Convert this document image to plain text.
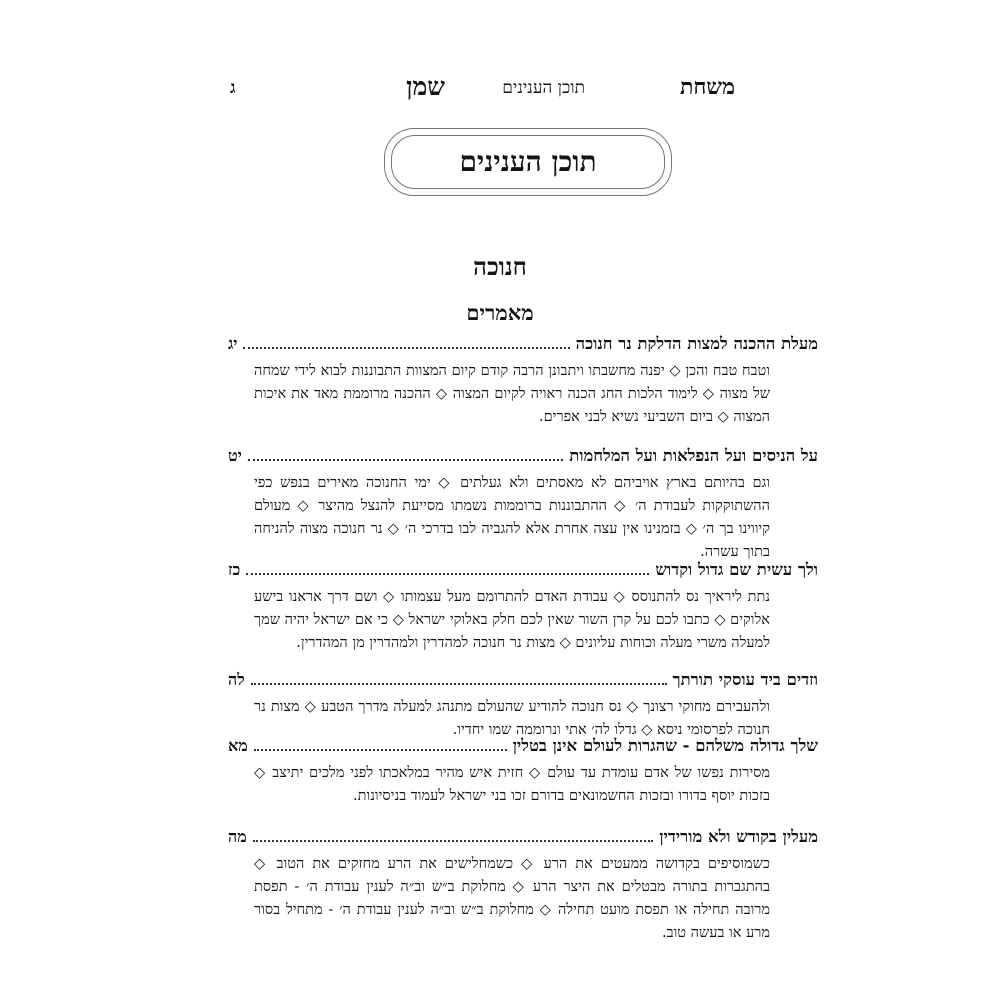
משחת
תוכן הענינים
שמן
ג
תוכן הענינים
חנוכה
מאמרים
מעלת ההכנה למצות הדלקת נר חנוכה
יג
וטבח טבח והכן ◇ יפנה מחשבתו ויתבונן הרבה קודם קיום המצוות התבוננות לבוא לידי שמחה של מצוה ◇ לימוד הלכות החג הכנה ראויה לקיום המצוה ◇ ההכנה מרוממת מאד את איכות המצוה ◇ ביום השביעי נשיא לבני אפרים.
על הניסים ועל הנפלאות ועל המלחמות
יט
וגם בהיותם בארץ אויביהם לא מאסתים ולא געלתים ◇ ימי החנוכה מאירים בנפש כפי ההשתוקקות לעבודת ה׳ ◇ ההתבוננות ברוממות נשמתו מסייעת להנצל מהיצר ◇ מעולם קיווינו בך ה׳ ◇ בזמנינו אין עצה אחרת אלא להגביה לבו בדרכי ה׳ ◇ נר חנוכה מצוה להניחה בתוך עשרה.
ולך עשית שם גדול וקדוש
כז
נתת ליראיך נס להתנוסס ◇ עבודת האדם להתרומם מעל עצמותו ◇ ושם דרך אראנו בישע אלוקים ◇ כתבו לכם על קרן השור שאין לכם חלק באלוקי ישראל ◇ כי אם ישראל יהיה שמך למעלה משרי מעלה וכוחות עליונים ◇ מצות נר חנוכה למהדרין ולמהדרין מן המהדרין.
וזדים ביד עוסקי תורתך
לה
ולהעבירם מחוקי רצונך ◇ נס חנוכה להודיע שהעולם מתנהג למעלה מדרך הטבע ◇ מצות נר חנוכה לפרסומי ניסא ◇ גדלו לה׳ אתי ונרוממה שמו יחדיו.
שלך גדולה משלהם - שהגרות לעולם אינן בטלין
מא
מסירות נפשו של אדם עומדת עד עולם ◇ חזית איש מהיר במלאכתו לפני מלכים יתיצב ◇ בזכות יוסף בדורו ובזכות החשמונאים בדורם זכו בני ישראל לעמוד בניסיונות.
מעלין בקודש ולא מורידין
מה
כשמוסיפים בקדושה ממעטים את הרע ◇ כשמחלישים את הרע מחזקים את הטוב ◇ בהתגברות בתורה מבטלים את היצר הרע ◇ מחלוקת ב״ש וב״ה לענין עבודת ה׳ - תפסת מרובה תחילה או תפסת מועט תחילה ◇ מחלוקת ב״ש וב״ה לענין עבודת ה׳ - מתחיל בסור מרע או בעשה טוב.
